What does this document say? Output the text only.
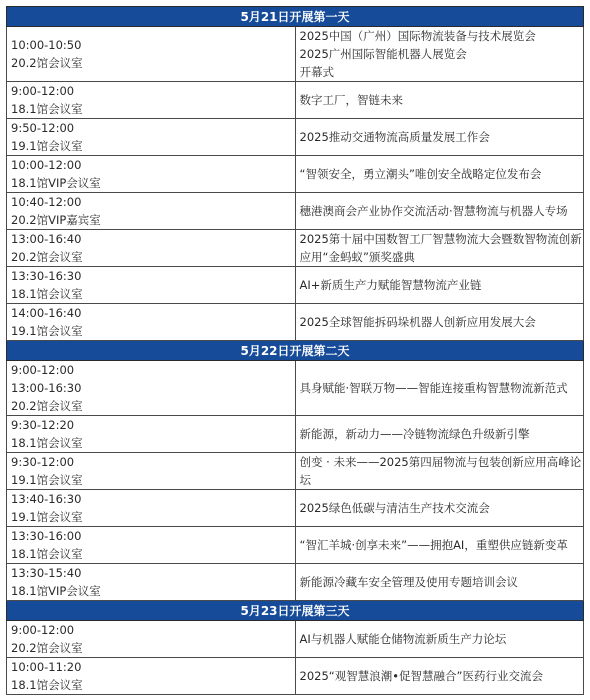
5月21日开展第一天	
10:00-10:50
20.2馆会议室	2025中国（广州）国际物流装备与技术展览会
2025广州国际智能机器人展览会
开幕式
9:00-12:00
18.1馆会议室	数字工厂，智链未来
9:50-12:00
19.1馆会议室	2025推动交通物流高质量发展工作会
10:00-12:00
18.1馆VIP会议室	“智领安全，勇立潮头”唯创安全战略定位发布会
10:40-12:00
20.2馆VIP嘉宾室	穗港澳商会产业协作交流活动·智慧物流与机器人专场
13:00-16:40
20.2馆会议室	2025第十届中国数智工厂智慧物流大会暨数智物流创新应用“金蚂蚁”颁奖盛典
13:30-16:30
18.1馆会议室	AI+新质生产力赋能智慧物流产业链
14:00-16:40
19.1馆会议室	2025全球智能拆码垛机器人创新应用发展大会
5月22日开展第二天	
9:00-12:00
13:00-16:30
20.2馆会议室	具身赋能·智联万物——智能连接重构智慧物流新范式
9:30-12:20
18.1馆会议室	新能源，新动力——冷链物流绿色升级新引擎
9:30-12:00
19.1馆会议室	创变 · 未来——2025第四届物流与包装创新应用高峰论坛
13:40-16:30
19.1馆会议室	2025绿色低碳与清洁生产技术交流会
13:30-16:00
18.1馆会议室	“智汇羊城·创享未来”——拥抱AI，重塑供应链新变革
13:30-15:40
18.1馆VIP会议室	新能源冷藏车安全管理及使用专题培训会议
5月23日开展第三天	
9:00-12:00
20.2馆会议室	AI与机器人赋能仓储物流新质生产力论坛
10:00-11:20
18.1馆会议室	2025“观智慧浪潮•促智慧融合”医药行业交流会
